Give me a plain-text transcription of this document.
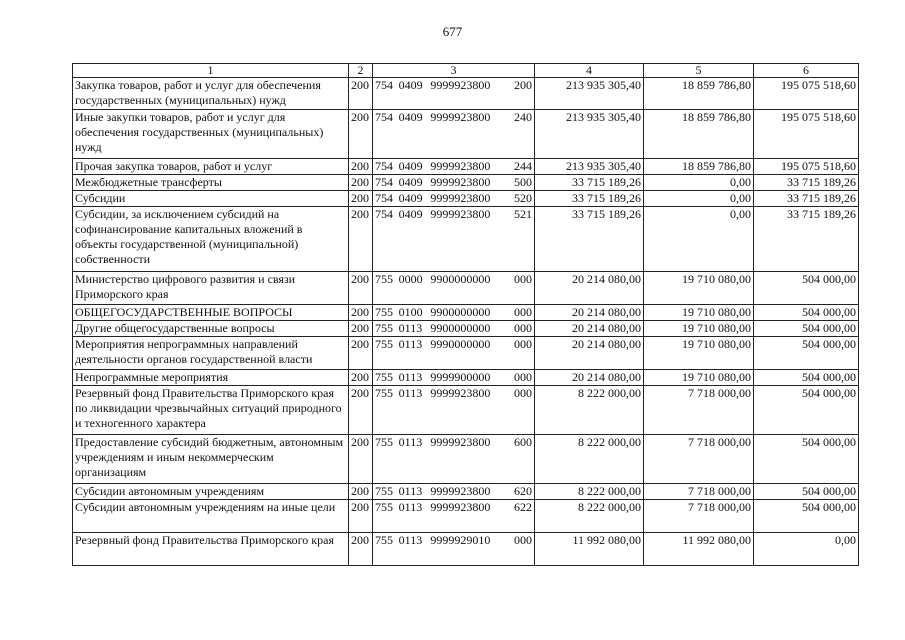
677
1	2	3	4	5	6
Закупка товаров, работ и услуг для обеспечения государственных (муниципальных) нужд	200	754 0409 9999923800 200	213 935 305,40	18 859 786,80	195 075 518,60
Иные закупки товаров, работ и услуг для обеспечения государственных (муниципальных) нужд	200	754 0409 9999923800 240	213 935 305,40	18 859 786,80	195 075 518,60
Прочая закупка товаров, работ и услуг	200	754 0409 9999923800 244	213 935 305,40	18 859 786,80	195 075 518,60
Межбюджетные трансферты	200	754 0409 9999923800 500	33 715 189,26	0,00	33 715 189,26
Субсидии	200	754 0409 9999923800 520	33 715 189,26	0,00	33 715 189,26
Субсидии, за исключением субсидий на софинансирование капитальных вложений в объекты государственной (муниципальной) собственности	200	754 0409 9999923800 521	33 715 189,26	0,00	33 715 189,26
Министерство цифрового развития и связи Приморского края	200	755 0000 9900000000 000	20 214 080,00	19 710 080,00	504 000,00
ОБЩЕГОСУДАРСТВЕННЫЕ ВОПРОСЫ	200	755 0100 9900000000 000	20 214 080,00	19 710 080,00	504 000,00
Другие общегосударственные вопросы	200	755 0113 9900000000 000	20 214 080,00	19 710 080,00	504 000,00
Мероприятия непрограммных направлений деятельности органов государственной власти	200	755 0113 9990000000 000	20 214 080,00	19 710 080,00	504 000,00
Непрограммные мероприятия	200	755 0113 9999900000 000	20 214 080,00	19 710 080,00	504 000,00
Резервный фонд Правительства Приморского края по ликвидации чрезвычайных ситуаций природного и техногенного характера	200	755 0113 9999923800 000	8 222 000,00	7 718 000,00	504 000,00
Предоставление субсидий бюджетным, автономным учреждениям и иным некоммерческим организациям	200	755 0113 9999923800 600	8 222 000,00	7 718 000,00	504 000,00
Субсидии автономным учреждениям	200	755 0113 9999923800 620	8 222 000,00	7 718 000,00	504 000,00
Субсидии автономным учреждениям на иные цели	200	755 0113 9999923800 622	8 222 000,00	7 718 000,00	504 000,00
Резервный фонд Правительства Приморского края	200	755 0113 9999929010 000	11 992 080,00	11 992 080,00	0,00
